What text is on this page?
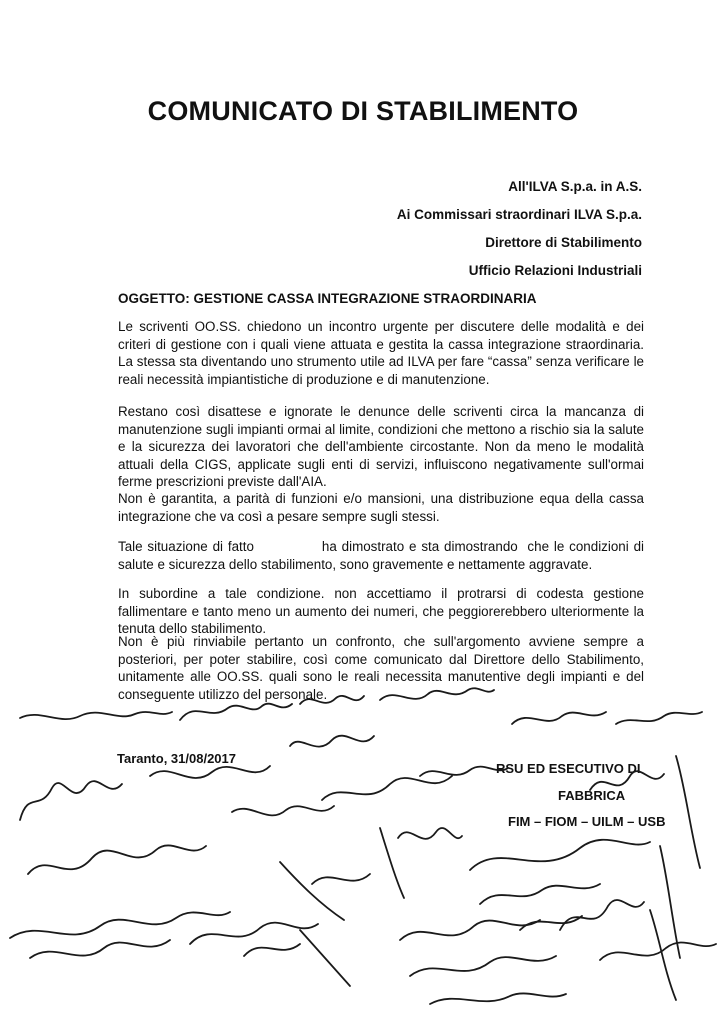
COMUNICATO DI STABILIMENTO
All'ILVA S.p.a. in A.S.
Ai Commissari straordinari ILVA S.p.a.
Direttore di Stabilimento
Ufficio Relazioni Industriali
OGGETTO: GESTIONE CASSA INTEGRAZIONE STRAORDINARIA
Le scriventi OO.SS. chiedono un incontro urgente per discutere delle modalità e dei criteri di gestione con i quali viene attuata e gestita la cassa integrazione straordinaria. La stessa sta diventando uno strumento utile ad ILVA per fare “cassa” senza verificare le reali necessità impiantistiche di produzione e di manutenzione.
Restano così disattese e ignorate le denunce delle scriventi circa la mancanza di manutenzione sugli impianti ormai al limite, condizioni che mettono a rischio sia la salute e la sicurezza dei lavoratori che dell'ambiente circostante. Non da meno le modalità attuali della CIGS, applicate sugli enti di servizi, influiscono negativamente sull'ormai ferme prescrizioni previste dall'AIA.
Non è garantita, a parità di funzioni e/o mansioni, una distribuzione equa della cassa integrazione che va così a pesare sempre sugli stessi.
Tale situazione di fatto              ha dimostrato e sta dimostrando  che le condizioni di salute e sicurezza dello stabilimento, sono gravemente e nettamente aggravate.
In subordine a tale condizione. non accettiamo il protrarsi di codesta gestione fallimentare e tanto meno un aumento dei numeri, che peggiorerebbero ulteriormente la tenuta dello stabilimento.
Non è più rinviabile pertanto un confronto, che sull'argomento avviene sempre a posteriori, per poter stabilire, così come comunicato dal Direttore dello Stabilimento, unitamente alle OO.SS. quali sono le reali necessita manutentive degli impianti e del conseguente utilizzo del personale.
Taranto, 31/08/2017
RSU ED ESECUTIVO DI
FABBRICA
FIM – FIOM – UILM – USB
